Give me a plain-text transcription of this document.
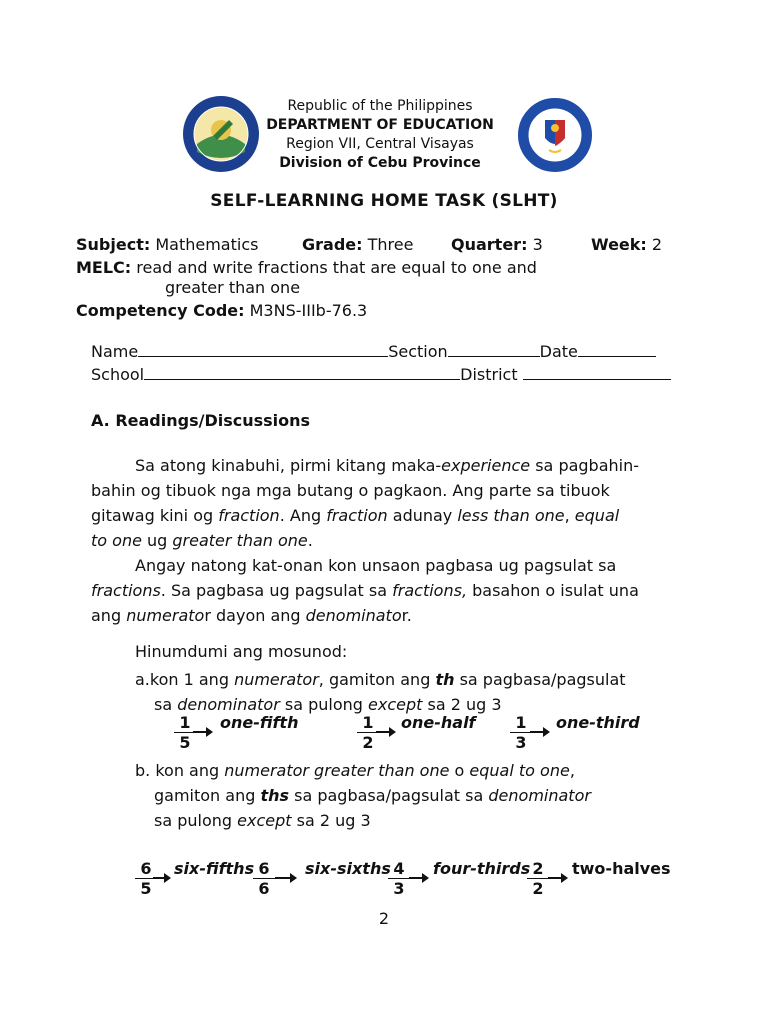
Republic of the Philippines
DEPARTMENT OF EDUCATION
Region VII, Central Visayas
Division of Cebu Province
SELF-LEARNING HOME TASK (SLHT)
Subject: Mathematics	Grade: Three Quarter: 3	Week: 2
MELC: read and write fractions that are equal to one and
greater than one
Competency Code: M3NS-IIIb-76.3
Name	Section	Date
School	District
A. Readings/Discussions
Sa atong kinabuhi, pirmi kitang maka-experience sa pagbahin-
bahin og tibuok nga mga butang o pagkaon. Ang parte sa tibuok
gitawag kini og fraction. Ang fraction adunay less than one, equal
to one ug greater than one.
Angay natong kat-onan kon unsaon pagbasa ug pagsulat sa
fractions. Sa pagbasa ug pagsulat sa fractions, basahon o isulat una
ang numerator dayon ang denominator.
Hinumdumi ang mosunod:
a.kon 1 ang numerator, gamiton ang th sa pagbasa/pagsulat
sa denominator sa pulong except sa 2 ug 3
$\frac{1}{5}$ one-fifth	$\frac{1}{2}$ one-half $\frac{1}{3}$ one-third
b. kon ang numerator greater than one o equal to one,
gamiton ang ths sa pagbasa/pagsulat sa denominator
sa pulong except sa 2 ug 3
$\frac{6}{5}$ six-fifths
$\frac{6}{6}$ six-sixths
$\frac{4}{3}$ four-thirds
$\frac{2}{2}$ two-halves
2
